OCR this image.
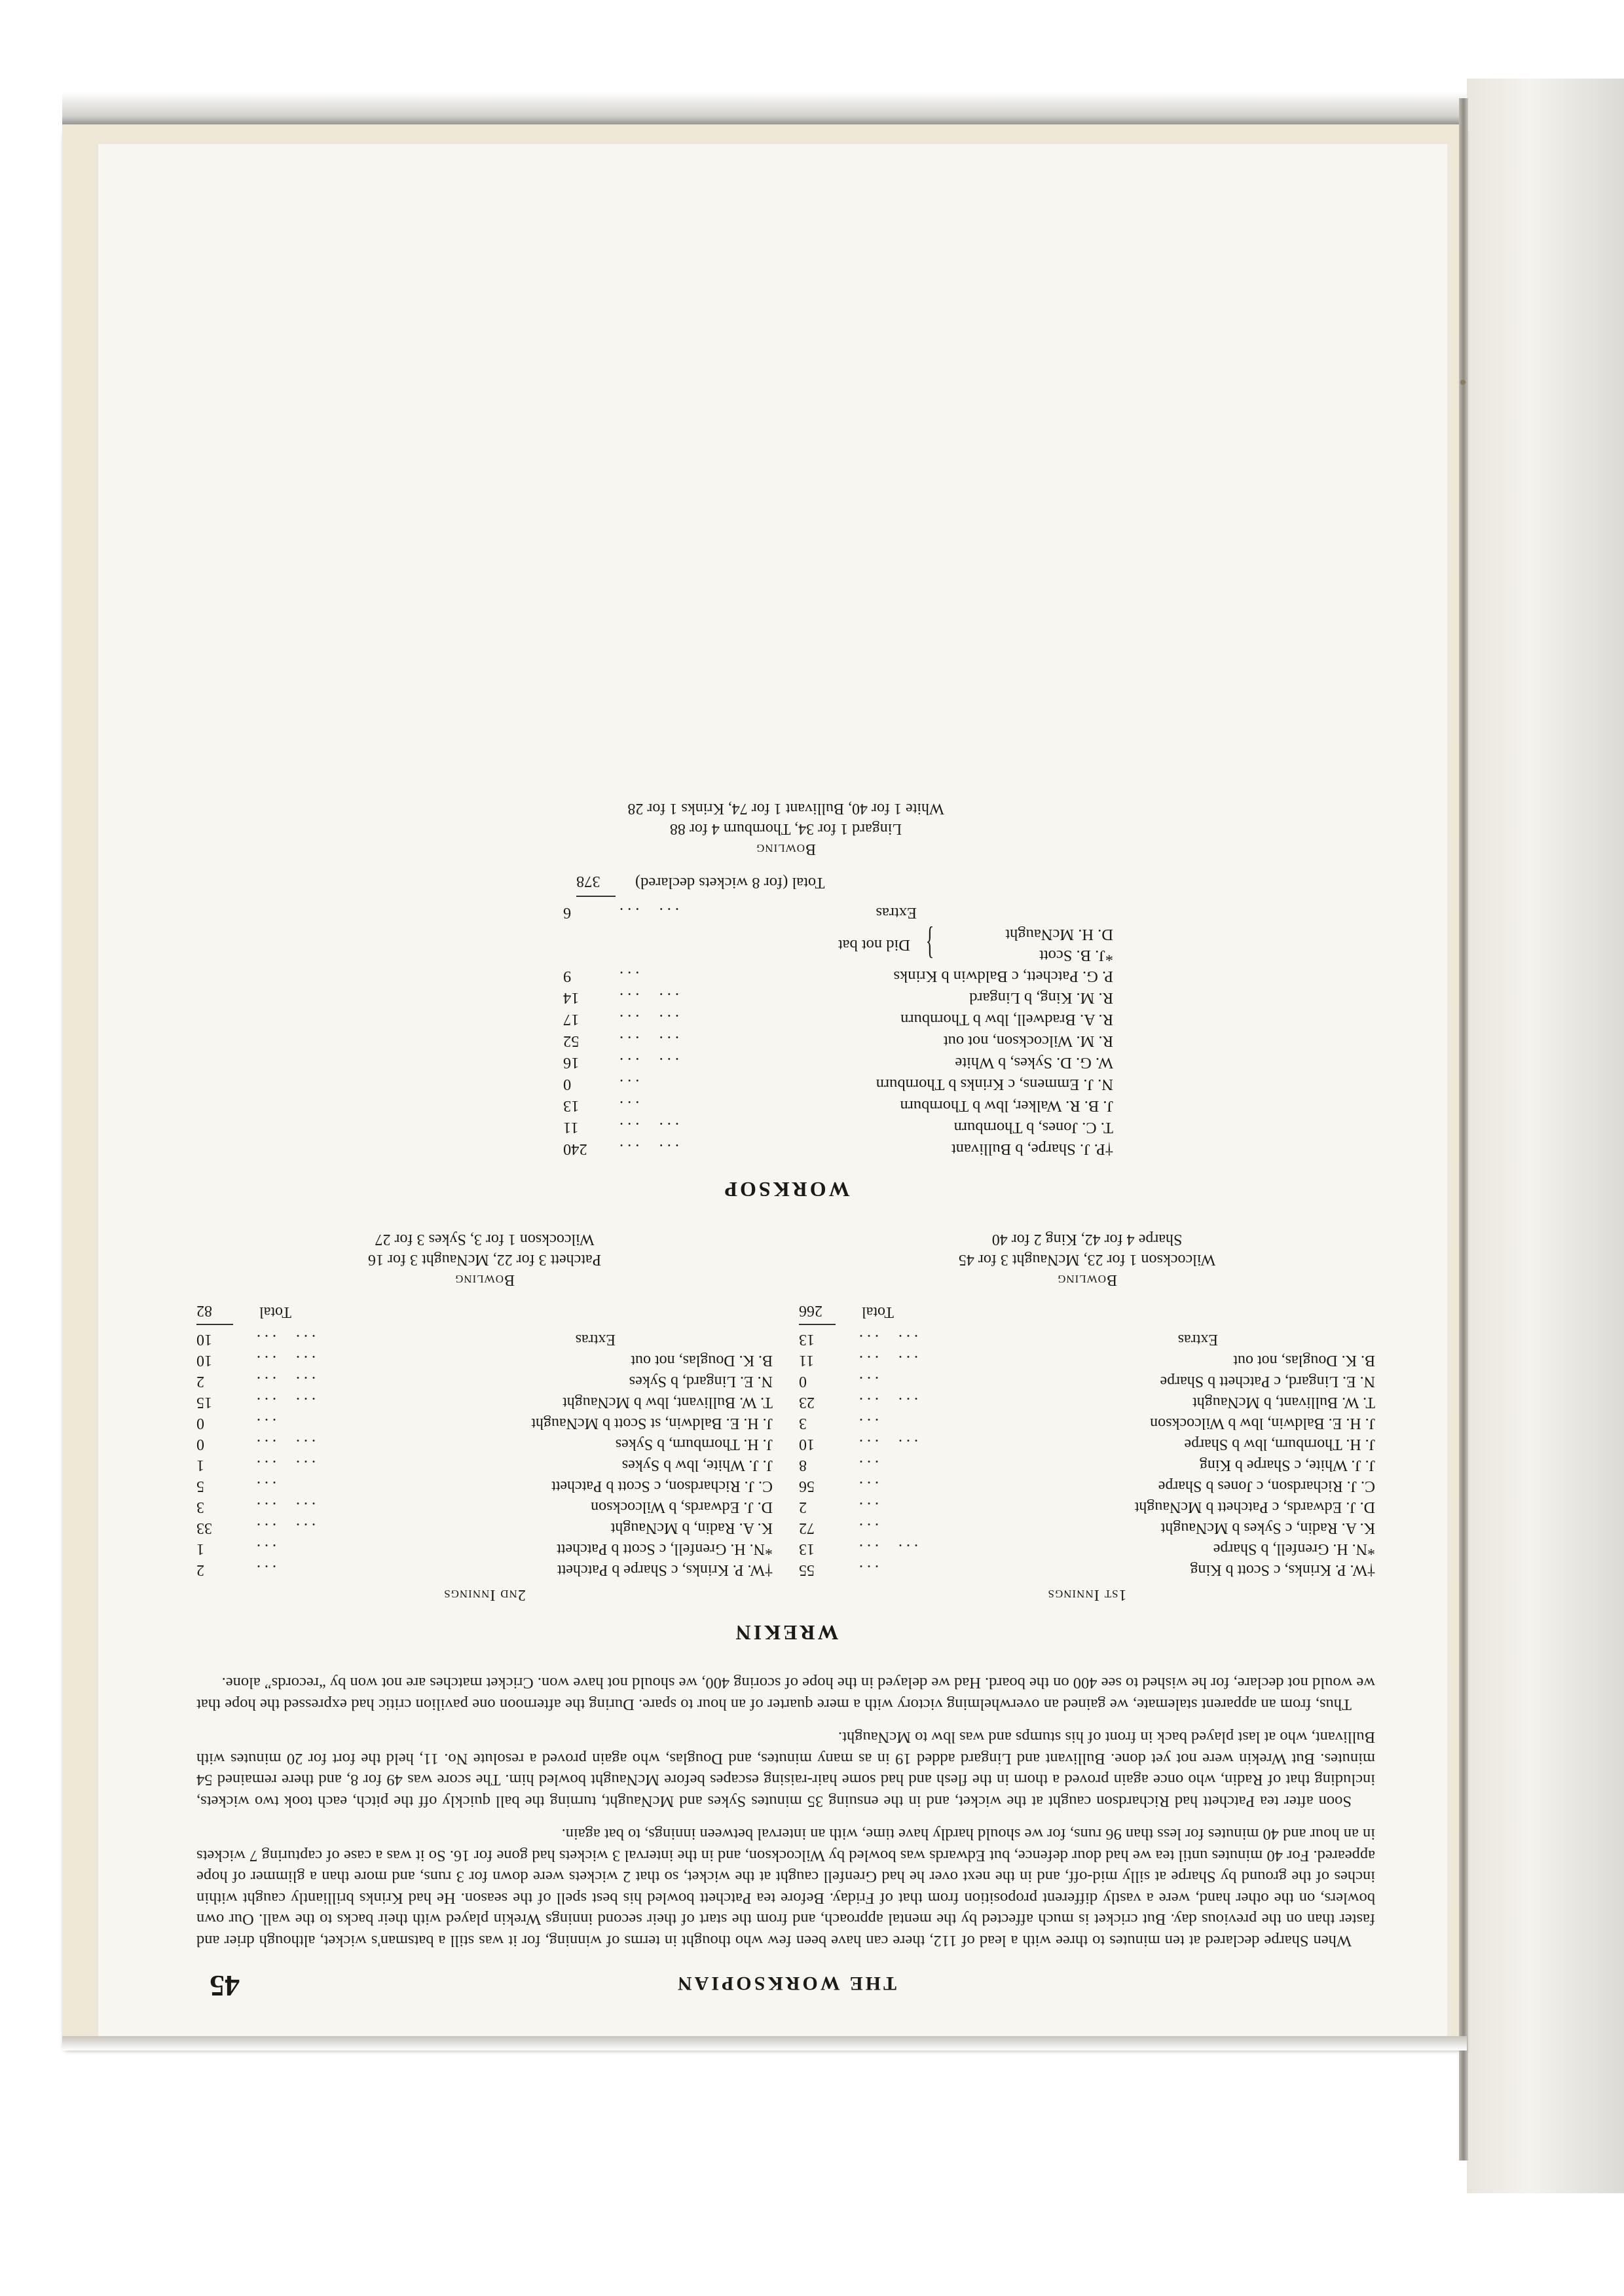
THE WORKSOPIAN
45

When Sharpe declared at ten minutes to three with a lead of 112, there can have been few who thought in terms of winning, for it was still a batsman's wicket, although drier and faster than on the previous day. But cricket is much affected by the mental approach, and from the start of their second innings Wrekin played with their backs to the wall. Our own bowlers, on the other hand, were a vastly different proposition from that of Friday. Before tea Patchett bowled his best spell of the season. He had Krinks brilliantly caught within inches of the ground by Sharpe at silly mid-off, and in the next over he had Grenfell caught at the wicket, so that 2 wickets were down for 3 runs, and more than a glimmer of hope appeared. For 40 minutes until tea we had dour defence, but Edwards was bowled by Wilcockson, and in the interval 3 wickets had gone for 16. So it was a case of capturing 7 wickets in an hour and 40 minutes for less than 96 runs, for we should hardly have time, with an interval between innings, to bat again.

Soon after tea Patchett had Richardson caught at the wicket, and in the ensuing 35 minutes Sykes and McNaught, turning the ball quickly off the pitch, each took two wickets, including that of Radin, who once again proved a thorn in the flesh and had some hair-raising escapes before McNaught bowled him. The score was 49 for 8, and there remained 54 minutes. But Wrekin were not yet done. Bullivant and Lingard added 19 in as many minutes, and Douglas, who again proved a resolute No. 11, held the fort for 20 minutes with Bullivant, who at last played back in front of his stumps and was lbw to McNaught.

Thus, from an apparent stalemate, we gained an overwhelming victory with a mere quarter of an hour to spare. During the afternoon one pavilion critic had expressed the hope that we would not declare, for he wished to see 400 on the board. Had we delayed in the hope of scoring 400, we should not have won. Cricket matches are not won by “records” alone.

WREKIN
1st Innings
†W. P. Krinks, c Scott b King
...
55
*N. H. Grenfell, b Sharpe
...  ...
13
K. A. Radin, c Sykes b McNaught
...
72
D. J. Edwards, c Patchett b McNaught
...
2
C. J. Richardson, c Jones b Sharpe
...
56
J. J. White, c Sharpe b King
...
8
J. H. Thornburn, lbw b Sharpe
...  ...
10
J. H. E. Baldwin, lbw b Wilcockson
...
3
T. W. Bullivant, b McNaught
...  ...
23
N. E. Lingard, c Patchett b Sharpe
...
0
B. K. Douglas, not out
...  ...
11
Extras
...  ...
13
Total
266
Bowling
Wilcockson 1 for 23, McNaught 3 for 45
Sharpe 4 for 42, King 2 for 40
2nd Innings
†W. P. Krinks, c Sharpe b Patchett
...
2
*N. H. Grenfell, c Scott b Patchett
...
1
K. A. Radin, b McNaught
...  ...
33
D. J. Edwards, b Wilcockson
...  ...
3
C. J. Richardson, c Scott b Patchett
...
5
J. J. White, lbw b Sykes
...  ...
1
J. H. Thornburn, b Sykes
...  ...
0
J. H. E. Baldwin, st Scott b McNaught
...
0
T. W. Bullivant, lbw b McNaught
...  ...
15
N. E. Lingard, b Sykes
...  ...
2
B. K. Douglas, not out
...  ...
10
Extras
...  ...
10
Total
82
Bowling
Patchett 3 for 22, McNaught 3 for 16
Wilcockson 1 for 3, Sykes 3 for 27
WORKSOP
†P. J. Sharpe, b Bullivant
...  ...
240
T. C. Jones, b Thornburn
...  ...
11
J. B. R. Walker, lbw b Thornburn
...
13
N. J. Emmens, c Krinks b Thornburn
...
0
W. G. D. Sykes, b White
...  ...
16
R. M. Wilcockson, not out
...  ...
52
R. A. Bradwell, lbw b Thornburn
...  ...
17
R. M. King, b Lingard
...  ...
14
P. G. Patchett, c Baldwin b Krinks
...
9
*J. B. Scott
D. H. McNaught
}
Did not bat
Extras
...  ...
6
Total (for 8 wickets declared)
378
Bowling
Lingard 1 for 34, Thornburn 4 for 88
White 1 for 40, Bullivant 1 for 74, Krinks 1 for 28
